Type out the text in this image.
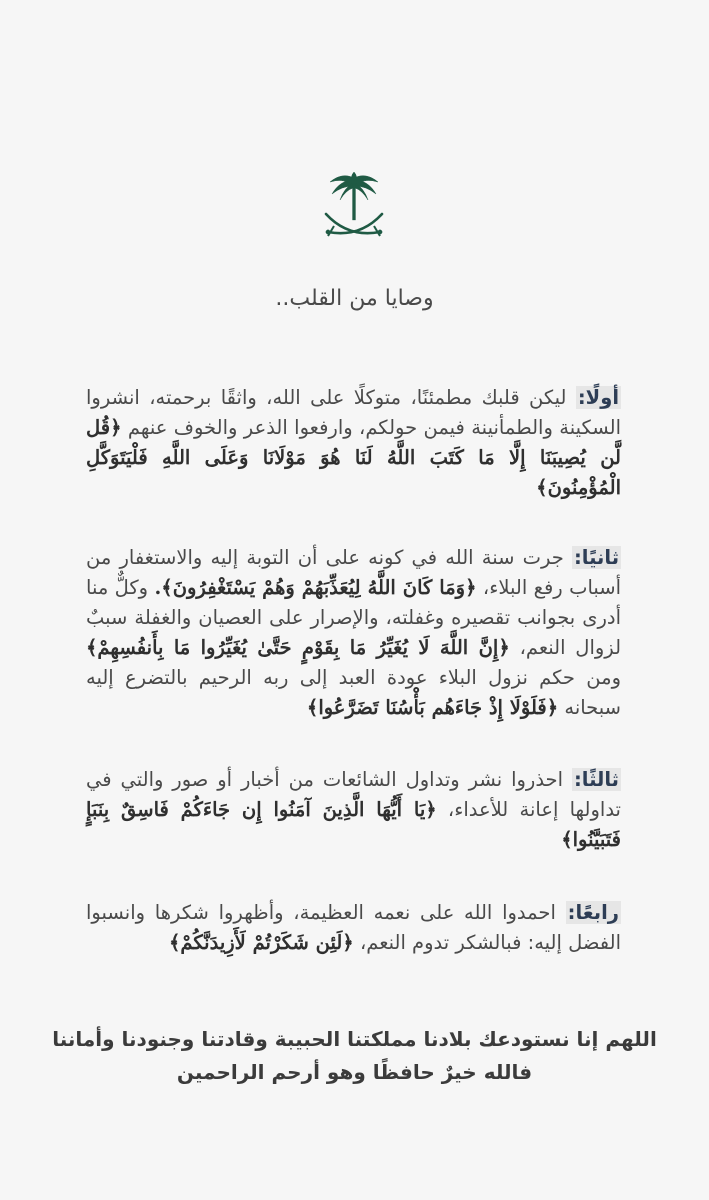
وصايا من القلب..
أولًا: ليكن قلبك مطمئنًا، متوكلًا على الله، واثقًا برحمته، انشروا السكينة والطمأنينة فيمن حولكم، وارفعوا الذعر والخوف عنهم ﴿قُل لَّن يُصِيبَنَا إِلَّا مَا كَتَبَ اللَّهُ لَنَا هُوَ مَوْلَانَا وَعَلَى اللَّهِ فَلْيَتَوَكَّلِ الْمُؤْمِنُونَ﴾
ثانيًا: جرت سنة الله في كونه على أن التوبة إليه والاستغفار من أسباب رفع البلاء، ﴿وَمَا كَانَ اللَّهُ لِيُعَذِّبَهُمْ وَهُمْ يَسْتَغْفِرُونَ﴾. وكلٌّ منا أدرى بجوانب تقصيره وغفلته، والإصرار على العصيان والغفلة سببٌ لزوال النعم، ﴿إِنَّ اللَّهَ لَا يُغَيِّرُ مَا بِقَوْمٍ حَتَّىٰ يُغَيِّرُوا مَا بِأَنفُسِهِمْ﴾ ومن حكم نزول البلاء عودة العبد إلى ربه الرحيم بالتضرع إليه سبحانه ﴿فَلَوْلَا إِذْ جَاءَهُم بَأْسُنَا تَضَرَّعُوا﴾
ثالثًا: احذروا نشر وتداول الشائعات من أخبار أو صور والتي في تداولها إعانة للأعداء، ﴿يَا أَيُّهَا الَّذِينَ آمَنُوا إِن جَاءَكُمْ فَاسِقٌ بِنَبَإٍ فَتَبَيَّنُوا﴾
رابعًا: احمدوا الله على نعمه العظيمة، وأظهروا شكرها وانسبوا الفضل إليه: فبالشكر تدوم النعم، ﴿لَئِن شَكَرْتُمْ لَأَزِيدَنَّكُمْ﴾
اللهم إنا نستودعك بلادنا مملكتنا الحبيبة وقادتنا وجنودنا وأماننا
فالله خيرٌ حافظًا وهو أرحم الراحمين
